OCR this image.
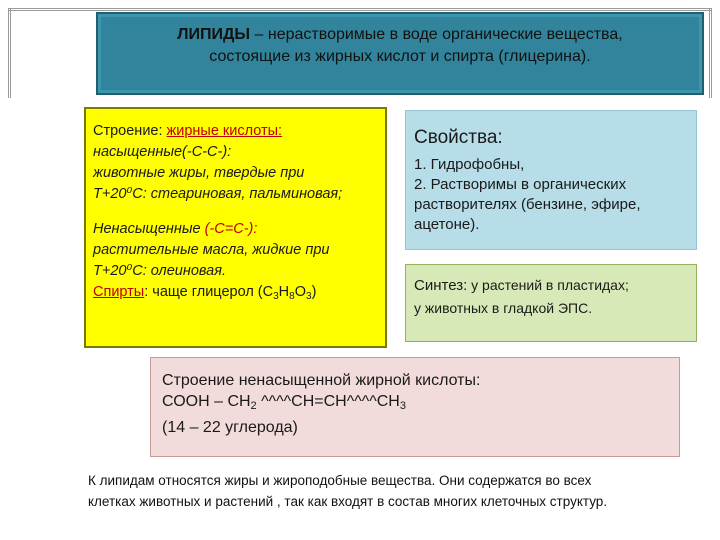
ЛИПИДЫ – нерастворимые в воде органические вещества,
состоящие из жирных кислот и спирта (глицерина).

Строение: жирные кислоты:

насыщенные(-С-С-):

животные жиры, твердые при

T+20⁰С: стеариновая, пальминовая;

Ненасыщенные (-С=С-):

растительные масла, жидкие при

T+20⁰С: олеиновая.

Спирты: чаще глицерол $(С_3Н_8О_3)$

Свойства:
1. Гидрофобны,
2. Растворимы в органических
растворителях (бензине, эфире,
ацетоне).
Синтез: у растений в пластидах;
у животных в гладкой ЭПС.

Строение ненасыщенной жирной кислоты:

СООН – $СН_2$ $\^{}\^{}\^{}\^{}СН=СН\^{}\^{}\^{}\^{}СН_3$

(14 – 22 углерода)

К липидам относятся жиры и жироподобные вещества. Они содержатся во всех
клетках животных и растений , так как входят в состав многих клеточных структур.
